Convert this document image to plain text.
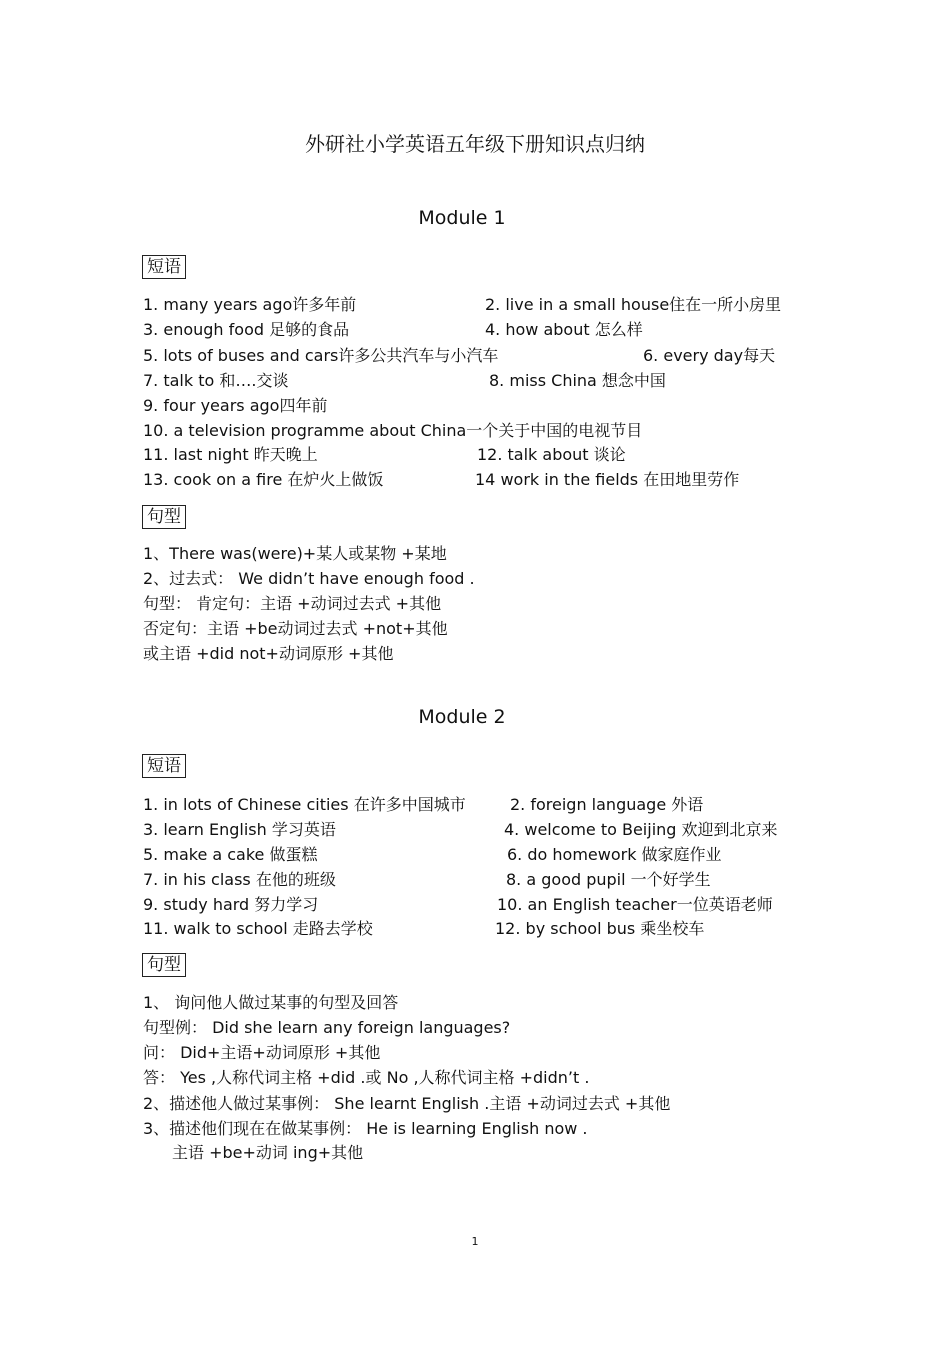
外研社小学英语五年级下册知识点归纳
Module 1
短语
1. many years ago许多年前	2. live in a small house住在一所小房里
3. enough food 足够的食品	4. how about 怎么样
5. lots of buses and cars许多公共汽车与小汽车	6. every day每天
7. talk to 和….交谈	8. miss China 想念中国
9. four years ago四年前
10. a television programme about China一个关于中国的电视节目
11. last night 昨天晚上	12. talk about 谈论
13. cook on a fire 在炉火上做饭	14 work in the fields 在田地里劳作
句型
1、There was(were)+某人或某物 +某地
2、过去式： We didn’t have enough food .
句型： 肯定句：主语 +动词过去式 +其他
否定句：主语 +be动词过去式 +not+其他
或主语 +did not+动词原形 +其他
Module 2
短语
1. in lots of Chinese cities 在许多中国城市	2. foreign language 外语
3. learn English 学习英语	4. welcome to Beijing 欢迎到北京来
5. make a cake 做蛋糕	6. do homework 做家庭作业
7. in his class 在他的班级	8. a good pupil 一个好学生
9. study hard 努力学习	10. an English teacher一位英语老师
11. walk to school 走路去学校	12. by school bus 乘坐校车
句型
1、 询问他人做过某事的句型及回答
句型例： Did she learn any foreign languages?
问： Did+主语+动词原形 +其他
答： Yes ,人称代词主格 +did .或 No ,人称代词主格 +didn’t .
2、描述他人做过某事例： She learnt English .主语 +动词过去式 +其他
3、描述他们现在在做某事例： He is learning English now .
主语 +be+动词 ing+其他
1
